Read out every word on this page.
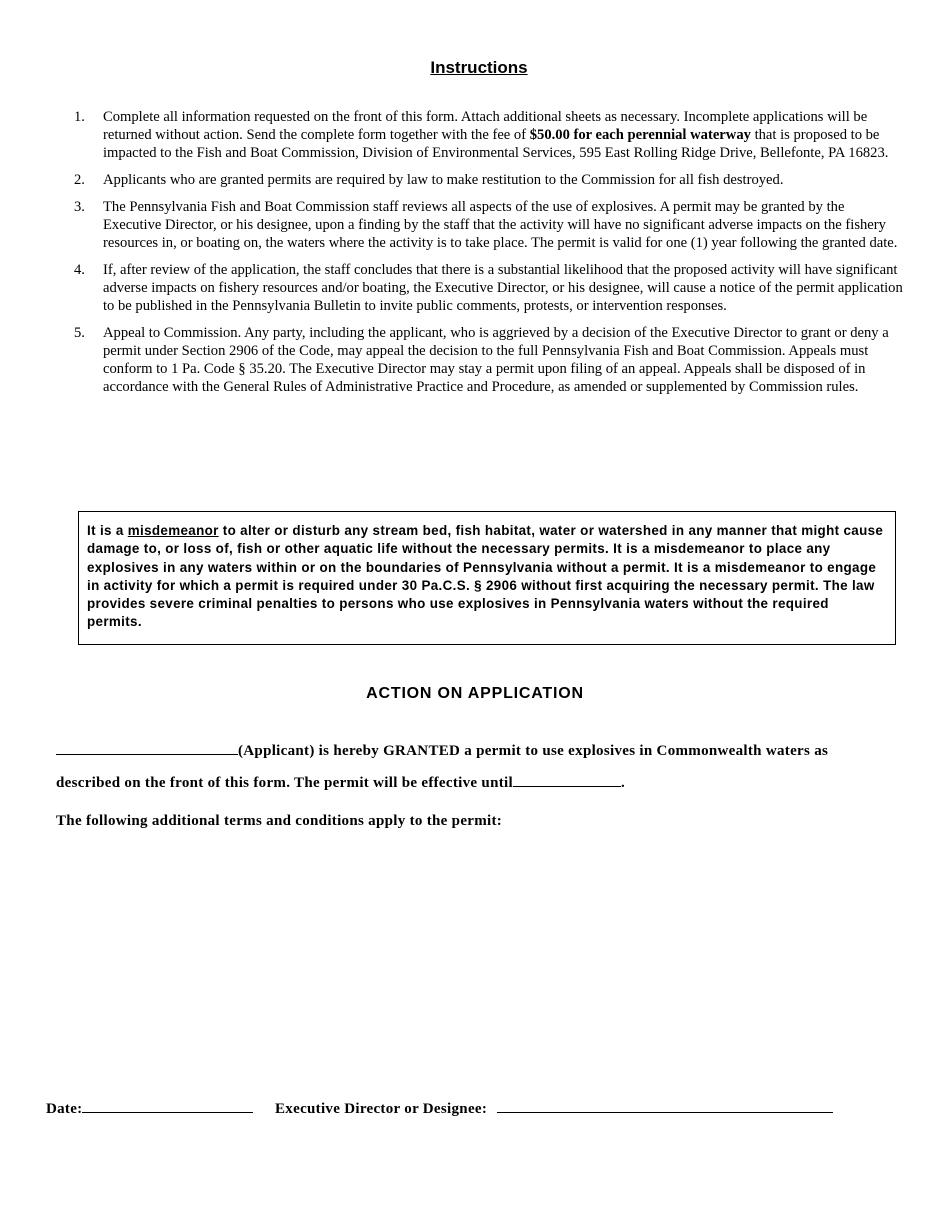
Instructions
1. Complete all information requested on the front of this form. Attach additional sheets as necessary. Incomplete applications will be returned without action. Send the complete form together with the fee of $50.00 for each perennial waterway that is proposed to be impacted to the Fish and Boat Commission, Division of Environmental Services, 595 East Rolling Ridge Drive, Bellefonte, PA 16823.
2. Applicants who are granted permits are required by law to make restitution to the Commission for all fish destroyed.
3. The Pennsylvania Fish and Boat Commission staff reviews all aspects of the use of explosives. A permit may be granted by the Executive Director, or his designee, upon a finding by the staff that the activity will have no significant adverse impacts on the fishery resources in, or boating on, the waters where the activity is to take place. The permit is valid for one (1) year following the granted date.
4. If, after review of the application, the staff concludes that there is a substantial likelihood that the proposed activity will have significant adverse impacts on fishery resources and/or boating, the Executive Director, or his designee, will cause a notice of the permit application to be published in the Pennsylvania Bulletin to invite public comments, protests, or intervention responses.
5. Appeal to Commission. Any party, including the applicant, who is aggrieved by a decision of the Executive Director to grant or deny a permit under Section 2906 of the Code, may appeal the decision to the full Pennsylvania Fish and Boat Commission. Appeals must conform to 1 Pa. Code § 35.20. The Executive Director may stay a permit upon filing of an appeal. Appeals shall be disposed of in accordance with the General Rules of Administrative Practice and Procedure, as amended or supplemented by Commission rules.
It is a misdemeanor to alter or disturb any stream bed, fish habitat, water or watershed in any manner that might cause damage to, or loss of, fish or other aquatic life without the necessary permits. It is a misdemeanor to place any explosives in any waters within or on the boundaries of Pennsylvania without a permit. It is a misdemeanor to engage in activity for which a permit is required under 30 Pa.C.S. § 2906 without first acquiring the necessary permit. The law provides severe criminal penalties to persons who use explosives in Pennsylvania waters without the required permits.
ACTION ON APPLICATION
(Applicant) is hereby GRANTED a permit to use explosives in Commonwealth waters as
described on the front of this form. The permit will be effective until	.
The following additional terms and conditions apply to the permit:
Date:	Executive Director or Designee:
